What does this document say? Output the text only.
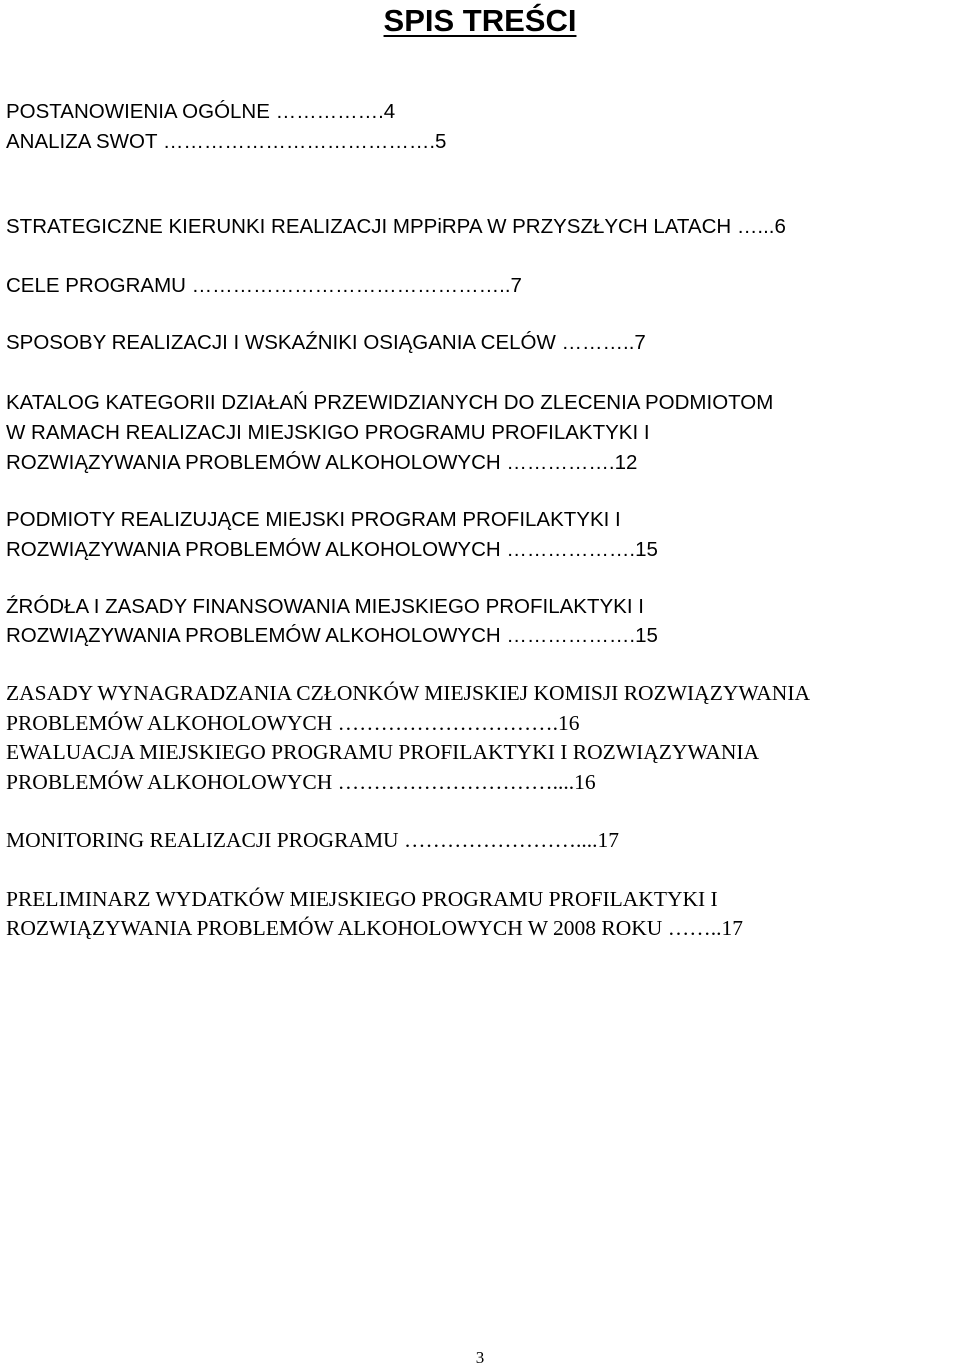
SPIS TREŚCI

POSTANOWIENIA OGÓLNE …………….4

ANALIZA SWOT ………………………………….5

STRATEGICZNE KIERUNKI REALIZACJI MPPiRPA W PRZYSZŁYCH LATACH …...6

CELE PROGRAMU ………………………………………..7

SPOSOBY REALIZACJI I WSKAŹNIKI OSIĄGANIA CELÓW ………..7

KATALOG KATEGORII DZIAŁAŃ PRZEWIDZIANYCH DO ZLECENIA PODMIOTOM

W RAMACH REALIZACJI MIEJSKIGO PROGRAMU PROFILAKTYKI I

ROZWIĄZYWANIA PROBLEMÓW ALKOHOLOWYCH …………….12

PODMIOTY REALIZUJĄCE MIEJSKI PROGRAM PROFILAKTYKI I

ROZWIĄZYWANIA PROBLEMÓW ALKOHOLOWYCH ……………….15

ŹRÓDŁA I ZASADY FINANSOWANIA MIEJSKIEGO PROFILAKTYKI I

ROZWIĄZYWANIA PROBLEMÓW ALKOHOLOWYCH ……………….15

ZASADY WYNAGRADZANIA CZŁONKÓW MIEJSKIEJ KOMISJI ROZWIĄZYWANIA

PROBLEMÓW ALKOHOLOWYCH ………………………….16

EWALUACJA MIEJSKIEGO PROGRAMU PROFILAKTYKI I ROZWIĄZYWANIA

PROBLEMÓW ALKOHOLOWYCH …………………………....16

MONITORING REALIZACJI PROGRAMU ……………………....17

PRELIMINARZ WYDATKÓW MIEJSKIEGO PROGRAMU PROFILAKTYKI I

ROZWIĄZYWANIA PROBLEMÓW ALKOHOLOWYCH W 2008 ROKU ……..17

3
